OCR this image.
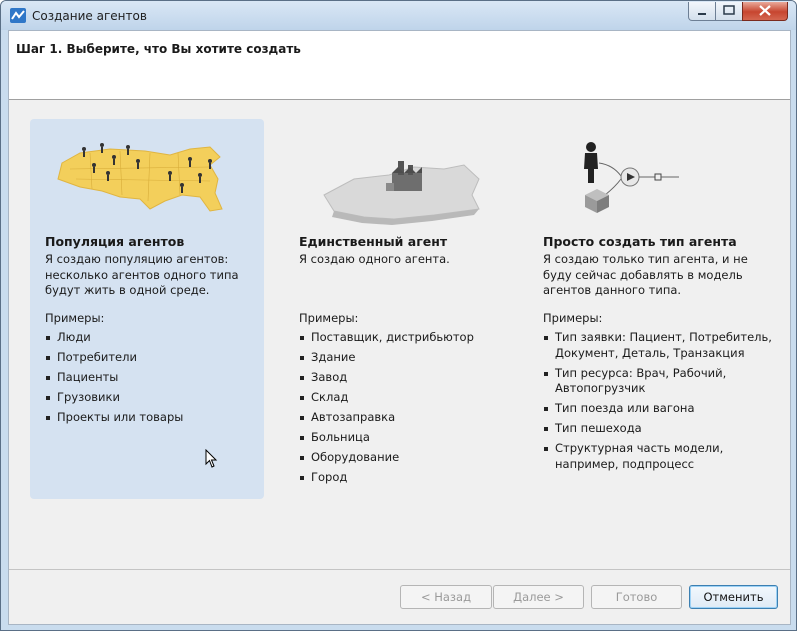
Создание агентов
Шаг 1. Выберите, что Вы хотите создать
Популяция агентов
Я создаю популяцию агентов: несколько агентов одного типа будут жить в одной среде.
Примеры:
Люди
Потребители
Пациенты
Грузовики
Проекты или товары
Единственный агент
Я создаю одного агента.
Примеры:
Поставщик, дистрибьютор
Здание
Завод
Склад
Автозаправка
Больница
Оборудование
Город
Просто создать тип агента
Я создаю только тип агента, и не буду сейчас добавлять в модель агентов данного типа.
Примеры:
Тип заявки: Пациент, Потребитель, Документ, Деталь, Транзакция
Тип ресурса: Врач, Рабочий, Автопогрузчик
Тип поезда или вагона
Тип пешехода
Структурная часть модели, например, подпроцесс
< Назад	Далее >	Готово	Отменить
